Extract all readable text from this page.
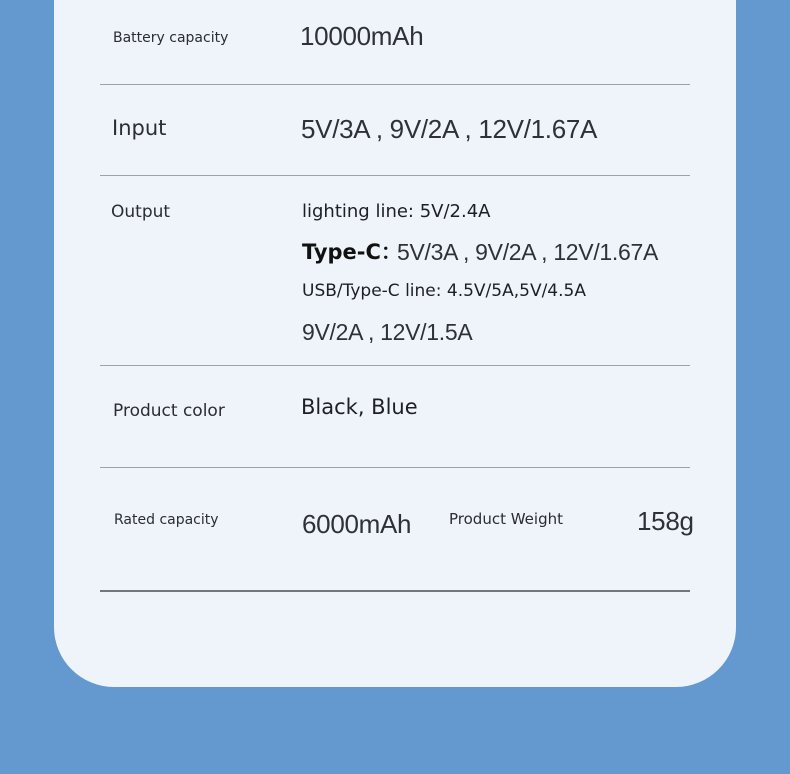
Battery capacity	10000mAh
Input	5V/3A , 9V/2A , 12V/1.67A
Output	lighting line: 5V/2.4A
Type-C：
5V/3A , 9V/2A , 12V/1.67A
USB/Type-C line: 4.5V/5A,5V/4.5A
9V/2A , 12V/1.5A
Product color	Black, Blue
Rated capacity	6000mAh	Product Weight	158g
